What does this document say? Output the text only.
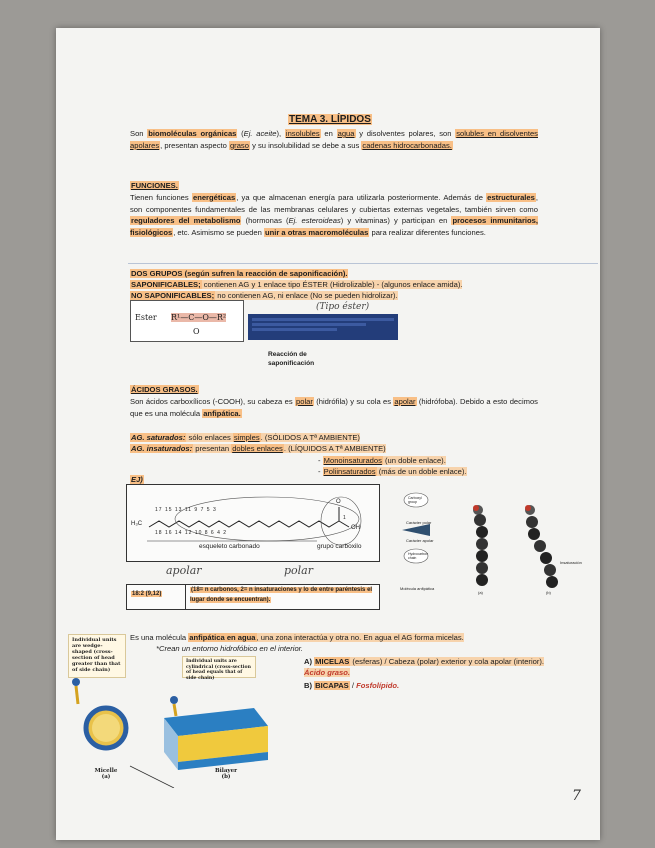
TEMA 3. LÍPIDOS
Son biomoléculas orgánicas (Ej. aceite), insolubles en agua y disolventes polares, son solubles en disolventes apolares, presentan aspecto graso y su insolubilidad se debe a sus cadenas hidrocarbonadas.
FUNCIONES.
Tienen funciones energéticas, ya que almacenan energía para utilizarla posteriormente. Además de estructurales, son componentes fundamentales de las membranas celulares y cubiertas externas vegetales, también sirven como reguladores del metabolismo (hormonas (Ej. esteroideas) y vitaminas) y participan en procesos inmunitarios, fisiológicos, etc. Asimismo se pueden unir a otras macromoléculas para realizar diferentes funciones.
DOS GRUPOS (según sufren la reacción de saponificación).
SAPONIFICABLES; contienen AG y 1 enlace tipo ÉSTER (Hidrolizable) - (algunos enlace amida).
NO SAPONIFICABLES; no contienen AG, ni enlace (No se pueden hidrolizar).
(Tipo éster)
Ester R¹—C—O—R²
O
Reacción de
saponificación
ÁCIDOS GRASOS.
Son ácidos carboxílicos (-COOH), su cabeza es polar (hidrófila) y su cola es apolar (hidrófoba). Debido a esto decimos que es una molécula anfipática.
AG. saturados: sólo enlaces simples. (SÓLIDOS A Tª AMBIENTE)
AG. insaturados: presentan dobles enlaces. (LÍQUIDOS A Tª AMBIENTE)
- Monoinsaturados (un doble enlace).
- Poliinsaturados (más de un doble enlace).
EJ)
17 15 13 11 9 7 5 3
18 16 14 12 10 8 6 4 2
H₃C
OH
O
1
esqueleto carbonado	grupo carboxilo
apolar	polar
18:2 (9,12)
(18= n carbonos, 2= n insaturaciones y lo de entre paréntesis el lugar donde se encuentran).
Carboxyl group
Carácter polar
Carácter apolar
Hydrocarbon chain
Insaturación
Molécula anfipática
(a)	(b)
Es una molécula anfipática en agua, una zona interactúa y otra no. En agua el AG forma micelas.
*Crean un entorno hidrofóbico en el interior.
A) MICELAS (esferas) / Cabeza (polar) exterior y cola apolar (interior). Ácido graso.
B) BICAPAS / Fosfolípido.
Individual units are wedge-shaped (cross-section of head greater than that of side chain)
Individual units are cylindrical (cross-section of head equals that of side chain)
Micelle
(a)
Bilayer
(b)
7
